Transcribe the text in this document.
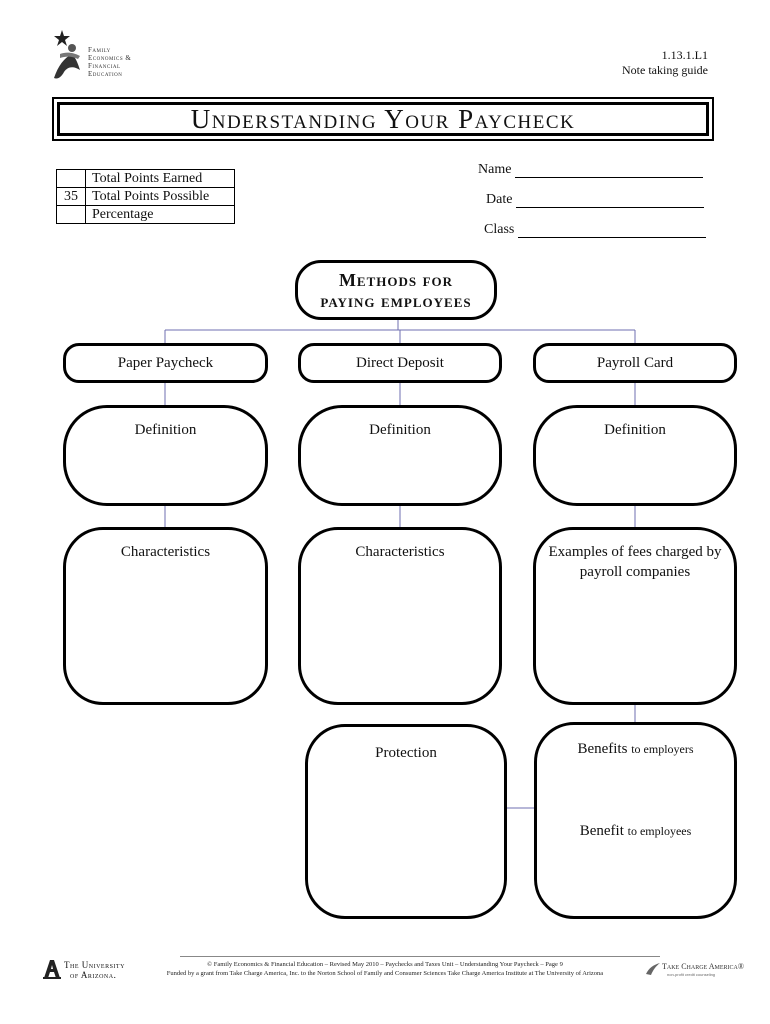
Family
Economics &
Financial
Education
1.13.1.L1
Note taking guide
Understanding Your Paycheck
	Total Points Earned
35	Total Points Possible
	Percentage
Name
Date
Class
Methods for
paying employees
Paper Paycheck	Direct Deposit	Payroll Card
Definition	Definition	Definition
Characteristics	Characteristics	Examples of fees charged by payroll companies
Protection	Benefits to employers
Benefit to employees
The University
of Arizona.
© Family Economics & Financial Education – Revised May 2010 – Paychecks and Taxes Unit – Understanding Your Paycheck – Page 9
Funded by a grant from Take Charge America, Inc. to the Norton School of Family and Consumer Sciences Take Charge America Institute at The University of Arizona
Take Charge America®
non-profit credit counseling
